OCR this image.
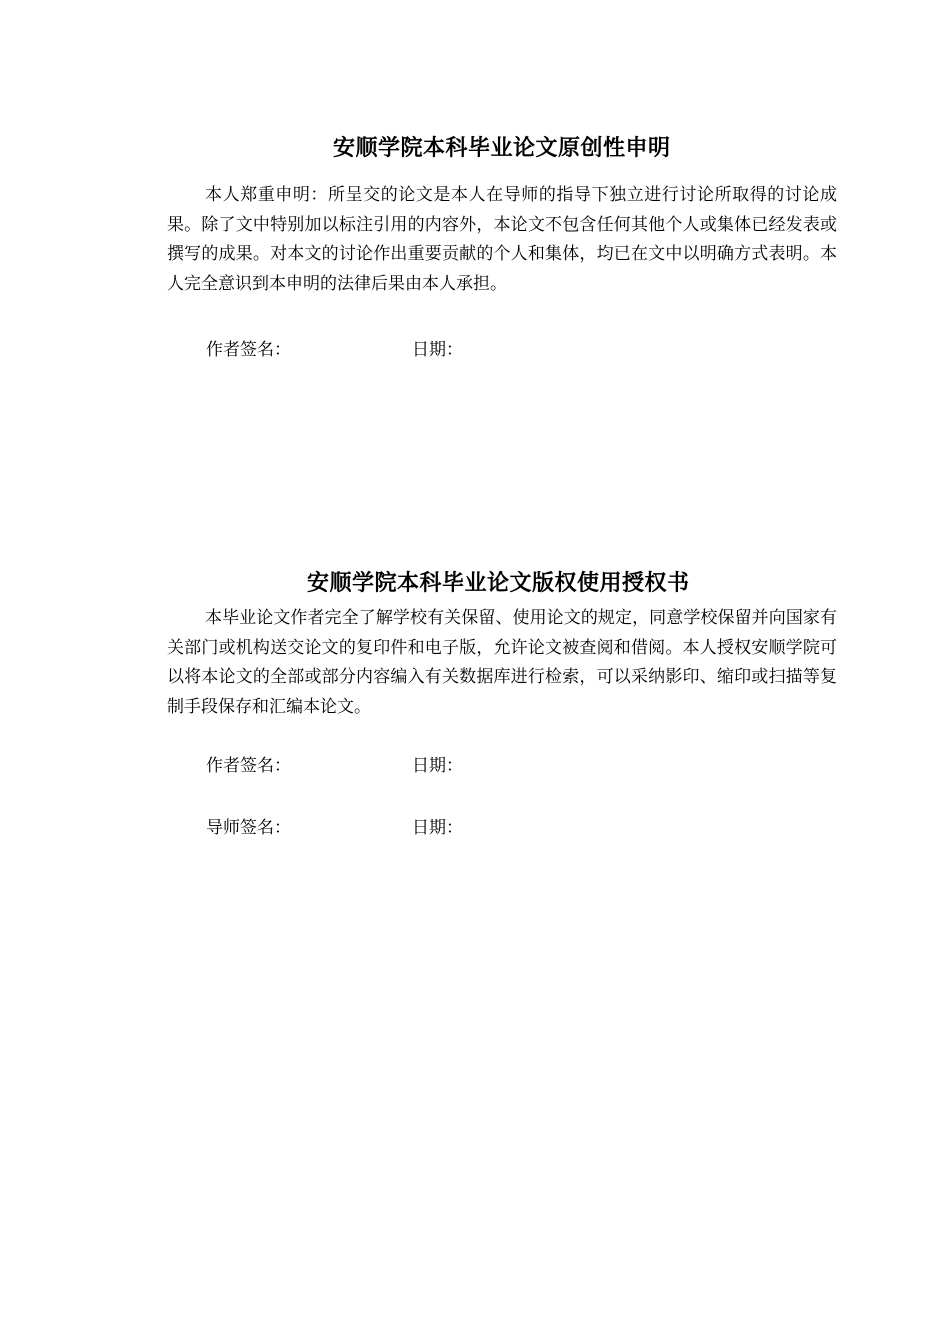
安顺学院本科毕业论文原创性申明

本人郑重申明：所呈交的论文是本人在导师的指导下独立进行讨论所取得的讨论成果。除了文中特别加以标注引用的内容外，本论文不包含任何其他个人或集体已经发表或撰写的成果。对本文的讨论作出重要贡献的个人和集体，均已在文中以明确方式表明。本人完全意识到本申明的法律后果由本人承担。

作者签名：	日期：
安顺学院本科毕业论文版权使用授权书

本毕业论文作者完全了解学校有关保留、使用论文的规定，同意学校保留并向国家有关部门或机构送交论文的复印件和电子版，允许论文被查阅和借阅。本人授权安顺学院可以将本论文的全部或部分内容编入有关数据库进行检索，可以采纳影印、缩印或扫描等复制手段保存和汇编本论文。

作者签名：	日期：
导师签名：	日期：
